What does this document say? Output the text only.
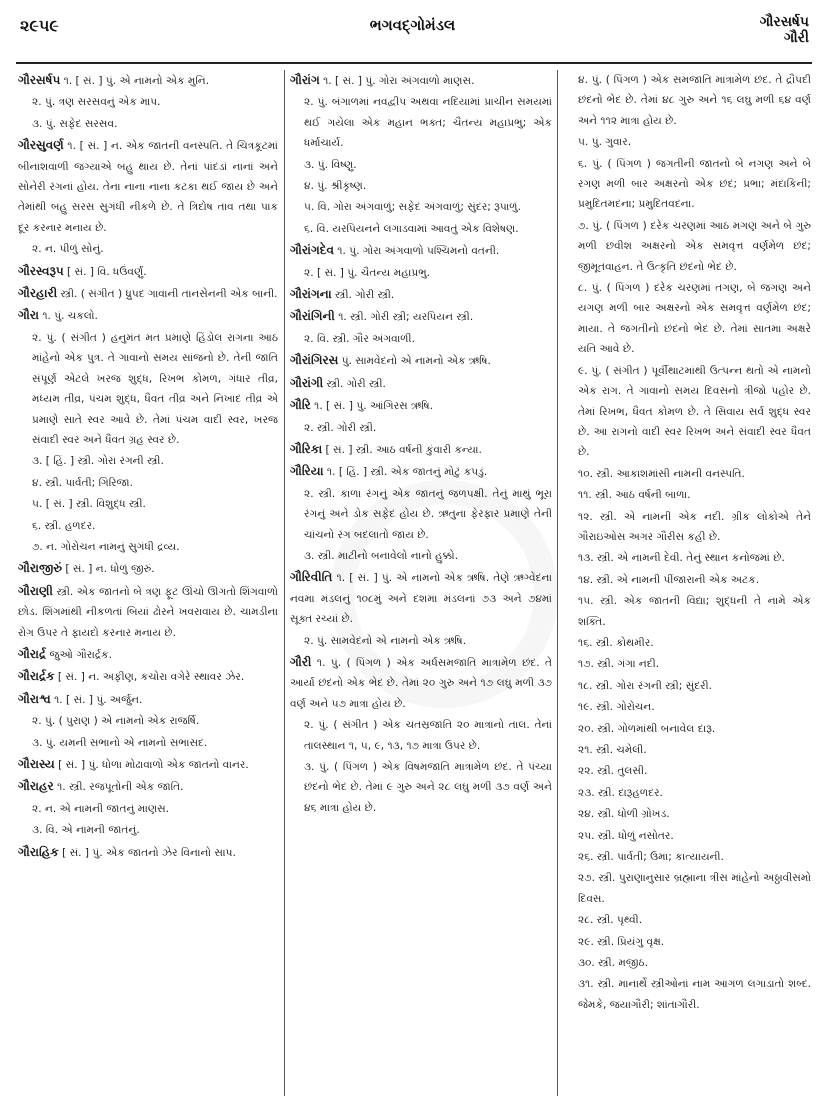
૨૯૫૯	ભગવદ્ગોમંડલ	ગૌરસર્ષપ
ગૌરી
ગૌરસર્ષપ ૧. [ સં. ] પું. એ નામનો એક મુનિ.
૨. પું. ત્રણ સરસવનું એક માપ.
૩. પું. સફેદ સરસવ.
ગૌરસુવર્ણ ૧. [ સં. ] ન. એક જાતની વનસ્પતિ. તે ચિત્રકૂટમાં બીનાશવાળી જગ્યાએ બહુ થાય છે. તેનાં પાંદડાં નાનાં અને સોનેરી રંગનાં હોય. તેના નાના નાના કટકા થઈ જાય છે અને તેમાંથી બહુ સરસ સુગંધી નીકળે છે. તે ત્રિદોષ તાવ તથા પાક દૂર કરનાર મનાય છે.
૨. ન. પીળું સોનું.
ગૌરસ્વરૂપ [ સં. ] વિ. ધઉંવર્ણું.
ગૌરહારી સ્ત્રી. ( સંગીત ) ધ્રુપદ ગાવાની તાનસેનની એક બાની.
ગૌરા ૧. પું. ચકલો.
૨. પું. ( સંગીત ) હનુમંત મત પ્રમાણે હિંડોલ રાગના આઠ માંહેનો એક પુત્ર. તે ગાવાનો સમય સાંજનો છે. તેની જાતિ સંપૂર્ણ એટલે ખરજ શુદ્ધ, રિખભ કોમળ, ગંધાર તીવ્ર, મધ્યમ તીવ્ર, પંચમ શુદ્ધ, ધૈવત તીવ્ર અને નિખાદ તીવ્ર એ પ્રમાણે સાતે સ્વર આવે છે. તેમાં પંચમ વાદી સ્વર, ખરજ સંવાદી સ્વર અને ધૈવત ગ્રહ સ્વર છે.
૩. [ હિં. ] સ્ત્રી. ગોરા રંગની સ્ત્રી.
૪. સ્ત્રી. પાર્વતી; ગિરિજા.
૫. [ સં. ] સ્ત્રી. વિશુદ્ધ સ્ત્રી.
૬. સ્ત્રી. હળદર.
૭. ન. ગોરોચન નામનું સુગંધી દ્રવ્ય.
ગૌરાજીરું [ સં. ] ન. ધોળું જીરું.
ગૌરાણી સ્ત્રી. એક જાતનો બે ત્રણ ફૂટ ઊંચો ઊગતો શિંગવાળો છોડ. શિંગમાંથી નીકળતાં બિયાં ઢોરને ખવરાવાય છે. ચામડીના રોગ ઉપર તે ફાયદો કરનાર મનાય છે.
ગૌરાર્દ્ર જુઓ ગૌરાર્દ્રક.
ગૌરાર્દ્રક [ સં. ] ન. અફીણ, કચોરા વગેરે સ્થાવર ઝેર.
ગૌરાશ્વ ૧. [ સં. ] પું. અર્જુન.
૨. પું. ( પુરાણ ) એ નામનો એક રાજર્ષિ.
૩. પું. યમની સભાનો એ નામનો સભાસદ.
ગૌરાસ્ય [ સં. ] પું. ધોળા મોઢાવાળો એક જાતનો વાનર.
ગૌરાહર ૧. સ્ત્રી. રજપૂતોની એક જાતિ.
૨. ન. એ નામની જાતનું માણસ.
૩. વિ. એ નામની જાતનું.
ગૌરાહિક [ સં. ] પું. એક જાતનો ઝેર વિનાનો સાપ.
ગૌરાંગ ૧. [ સં. ] પું. ગોરા અંગવાળો માણસ.
૨. પું. બંગાળમાં નવદ્વીપ અથવા નદિયામાં પ્રાચીન સમયમાં થઈ ગયેલા એક મહાન ભક્ત; ચૈતન્ય મહાપ્રભુ; એક ધર્માચાર્ય.
૩. પું. વિષ્ણુ.
૪. પું. શ્રીકૃષ્ણ.
૫. વિ. ગોરા અંગવાળું; સફેદ અંગવાળું; સુંદર; રૂપાળું.
૬. વિ. યરપિયનને લગાડવામાં આવતું એક વિશેષણ.
ગૌરાંગદેવ ૧. પું. ગોરા અંગવાળો પશ્ચિમનો વતની.
૨. [ સં. ] પું. ચૈતન્ય મહાપ્રભુ.
ગૌરાંગના સ્ત્રી. ગોરી સ્ત્રી.
ગૌરાંગિની ૧. સ્ત્રી. ગોરી સ્ત્રી; યરપિયન સ્ત્રી.
૨. વિ. સ્ત્રી. ગૌર અંગવાળી.
ગૌરાંગિરસ પું. સામવેદનો એ નામનો એક ઋષિ.
ગૌરાંગી સ્ત્રી. ગોરી સ્ત્રી.
ગૌરિ ૧. [ સં. ] પું. આંગિરસ ઋષિ.
૨. સ્ત્રી. ગોરી સ્ત્રી.
ગૌરિકા [ સં. ] સ્ત્રી. આઠ વર્ષની કુંવારી કન્યા.
ગૌરિયા ૧. [ હિં. ] સ્ત્રી. એક જાતનું મોટું કપડું.
૨. સ્ત્રી. કાળા રંગનું એક જાતનું જળપક્ષી. તેનું માથું ભૂરા રંગનું અને ડોક સફેદ હોય છે. ઋતુના ફેરફાર પ્રમાણે તેની ચાંચનો રંગ બદલાતો જાય છે.
૩. સ્ત્રી. માટીનો બનાવેલો નાનો હુક્કો.
ગૌરિવીતિ ૧. [ સં. ] પું. એ નામનો એક ઋષિ. તેણે ઋગ્વેદના નવમા મંડલનું ૧૦૮મું અને દશમા મંડલનાં ૭૩ અને ૭૪માં સૂક્ત રચ્યાં છે.
૨. પું. સામવેદનો એ નામનો એક ઋષિ.
ગૌરી ૧. પું. ( પિંગળ ) એક અર્ધસમજાતિ માત્રામેળ છંદ. તે આર્યા છંદનો એક ભેદ છે. તેમાં ૨૦ ગુરુ અને ૧૭ લઘુ મળી ૩૭ વર્ણ અને ૫૭ માત્રા હોય છે.
૨. પું. ( સંગીત ) એક ચતસ્રજાતિ ૨૦ માત્રાનો તાલ. તેનાં તાલસ્થાન ૧, ૫, ૯, ૧૩, ૧૭ માત્રા ઉપર છે.
૩. પું. ( પિંગળ ) એક વિષમજાતિ માત્રામેળ છંદ. તે પંચ્યા છંદનો ભેદ છે. તેમાં ૯ ગુરુ અને ૨૮ લઘુ મળી ૩૭ વર્ણ અને ૪૬ માત્રા હોય છે.
૪. પું. ( પિંગળ ) એક સમજાતિ માત્રામેળ છંદ. તે દ્રૌપદી છંદનો ભેદ છે. તેમાં ૪૮ ગુરુ અને ૧૬ લઘુ મળી ૬૪ વર્ણ અને ૧૧૨ માત્રા હોય છે.
૫. પું. ગુવાર.
૬. પું. ( પિંગળ ) જગતીની જાતનો બે નગણ અને બે રગણ મળી બાર અક્ષરનો એક છંદ; પ્રભા; મંદાકિની; પ્રમુદિતમદના; પ્રમુદિતવદના.
૭. પું. ( પિંગળ ) દરેક ચરણમાં આઠ મગણ અને બે ગુરુ મળી છવીશ અક્ષરનો એક સમવૃત્ત વર્ણમેળ છંદ; જીમૂતવાહન. તે ઉત્કૃતિ છંદનો ભેદ છે.
૮. પું. ( પિંગળ ) દરેક ચરણમાં તગણ, બે જગણ અને યગણ મળી બાર અક્ષરનો એક સમવૃત્ત વર્ણમેળ છંદ; માયા. તે જગતીનો છંદનો ભેદ છે. તેમાં સાતમા અક્ષરે યતિ આવે છે.
૯. પું. ( સંગીત ) પૂર્વીથાટમાંથી ઉત્પન્ન થતો એ નામનો એક રાગ. તે ગાવાનો સમય દિવસનો ત્રીજો પહોર છે. તેમાં રિખભ, ધૈવત કોમળ છે. તે સિવાય સર્વ શુદ્ધ સ્વર છે. આ રાગનો વાદી સ્વર રિખભ અને સંવાદી સ્વર ધૈવત છે.
૧૦. સ્ત્રી. આકાશમાંસી નામની વનસ્પતિ.
૧૧. સ્ત્રી. આઠ વર્ષની બાળા.
૧૨. સ્ત્રી. એ નામની એક નદી. ગ્રીક લોકોએ તેને ગૌરાઇઓસ અગર ગૌરીસ કહી છે.
૧૩. સ્ત્રી. એ નામની દેવી. તેનું સ્થાન કનોજમાં છે.
૧૪. સ્ત્રી. એ નામની પીંજારાની એક અટક.
૧૫. સ્ત્રી. એક જાતની વિદ્યા; શુદ્ધની તે નામે એક શક્તિ.
૧૬. સ્ત્રી. કોથમીર.
૧૭. સ્ત્રી. ગંગા નદી.
૧૮. સ્ત્રી. ગોરા રંગની સ્ત્રી; સુંદરી.
૧૯. સ્ત્રી. ગોરોચન.
૨૦. સ્ત્રી. ગોળમાંથી બનાવેલ દારૂ.
૨૧. સ્ત્રી. ચમેલી.
૨૨. સ્ત્રી. તુલસી.
૨૩. સ્ત્રી. દારૂહળદર.
૨૪. સ્ત્રી. ધોળી ગ્રોખડ.
૨૫. સ્ત્રી. ધોળું નસોતર.
૨૬. સ્ત્રી. પાર્વતી; ઉમા; કાત્યાયની.
૨૭. સ્ત્રી. પુરાણાનુસાર બ્રહ્માના ત્રીસ માંહેનો અઠ્ઠાવીસમો દિવસ.
૨૮. સ્ત્રી. પૃથ્વી.
૨૯. સ્ત્રી. પ્રિયંગુ વૃક્ષ.
૩૦. સ્ત્રી. મજીઠ.
૩૧. સ્ત્રી. માનાર્થે સ્ત્રીઓનાં નામ આગળ લગાડાતો શબ્દ. જેમકે, જયાગૌરી; શાંતાગૌરી.
